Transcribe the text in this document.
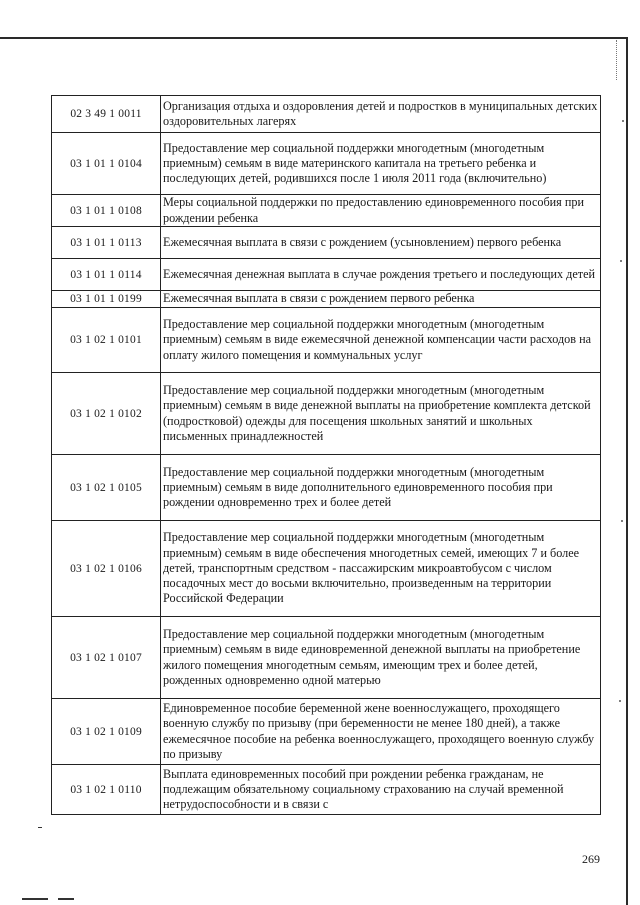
02 3 49 1 0011	Организация отдыха и оздоровления детей и подростков в муниципальных детских оздоровительных лагерях
03 1 01 1 0104	Предоставление мер социальной поддержки многодетным (многодетным приемным) семьям в виде материнского капитала на третьего ребенка и последующих детей, родившихся после 1 июля 2011 года (включительно)
03 1 01 1 0108	Меры социальной поддержки по предоставлению единовременного пособия при рождении ребенка
03 1 01 1 0113	Ежемесячная выплата в связи с рождением (усыновлением) первого ребенка
03 1 01 1 0114	Ежемесячная денежная выплата в случае рождения третьего и последующих детей
03 1 01 1 0199	Ежемесячная выплата в связи с рождением первого ребенка
03 1 02 1 0101	Предоставление мер социальной поддержки многодетным (многодетным приемным) семьям в виде ежемесячной денежной компенсации части расходов на оплату жилого помещения и коммунальных услуг
03 1 02 1 0102	Предоставление мер социальной поддержки многодетным (многодетным приемным) семьям в виде денежной выплаты на приобретение комплекта детской (подростковой) одежды для посещения школьных занятий и школьных письменных принадлежностей
03 1 02 1 0105	Предоставление мер социальной поддержки многодетным (многодетным приемным) семьям в виде дополнительного единовременного пособия при рождении одновременно трех и более детей
03 1 02 1 0106	Предоставление мер социальной поддержки многодетным (многодетным приемным) семьям в виде обеспечения многодетных семей, имеющих 7 и более детей, транспортным средством - пассажирским микроавтобусом с числом посадочных мест до восьми включительно, произведенным на территории Российской Федерации
03 1 02 1 0107	Предоставление мер социальной поддержки многодетным (многодетным приемным) семьям в виде единовременной денежной выплаты на приобретение жилого помещения многодетным семьям, имеющим трех и более детей, рожденных одновременно одной матерью
03 1 02 1 0109	Единовременное пособие беременной жене военнослужащего, проходящего военную службу по призыву (при беременности не менее 180 дней), а также ежемесячное пособие на ребенка военнослужащего, проходящего военную службу по призыву
03 1 02 1 0110	Выплата единовременных пособий при рождении ребенка гражданам, не подлежащим обязательному социальному страхованию на случай временной нетрудоспособности и в связи с
269
